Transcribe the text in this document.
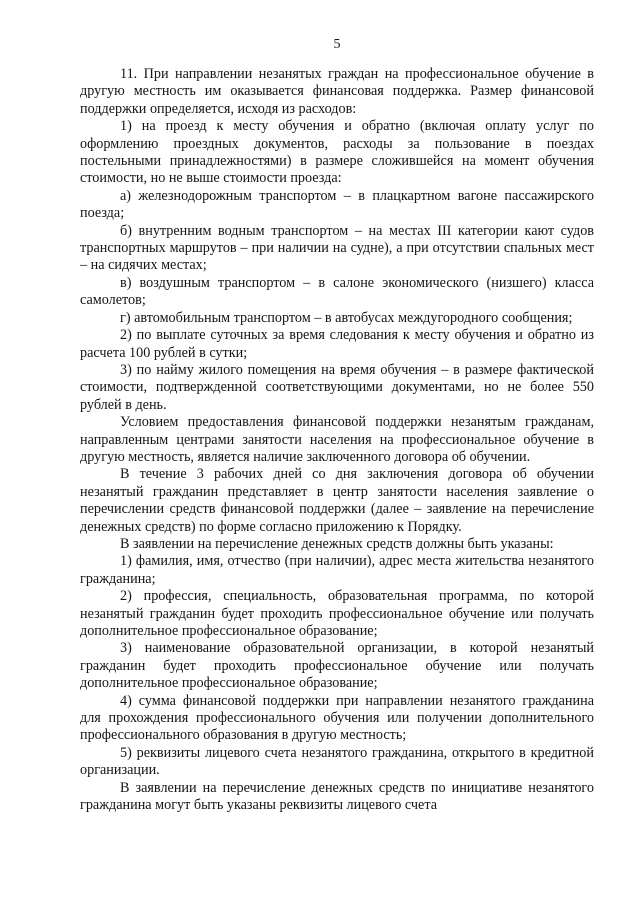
5

11. При направлении незанятых граждан на профессиональное обучение в другую местность им оказывается финансовая поддержка. Размер финансовой поддержки определяется, исходя из расходов:

1) на проезд к месту обучения и обратно (включая оплату услуг по оформлению проездных документов, расходы за пользование в поездах постельными принадлежностями) в размере сложившейся на момент обучения стоимости, но не выше стоимости проезда:

а) железнодорожным транспортом – в плацкартном вагоне пассажирского поезда;

б) внутренним водным транспортом – на местах III категории кают судов транспортных маршрутов – при наличии на судне), а при отсутствии спальных мест – на сидячих местах;

в) воздушным транспортом – в салоне экономического (низшего) класса самолетов;

г) автомобильным транспортом – в автобусах междугородного сообщения;

2) по выплате суточных за время следования к месту обучения и обратно из расчета 100 рублей в сутки;

3) по найму жилого помещения на время обучения – в размере фактической стоимости, подтвержденной соответствующими документами, но не более 550 рублей в день.

Условием предоставления финансовой поддержки незанятым гражданам, направленным центрами занятости населения на профессиональное обучение в другую местность, является наличие заключенного договора об обучении.

В течение 3 рабочих дней со дня заключения договора об обучении незанятый гражданин представляет в центр занятости населения заявление о перечислении средств финансовой поддержки (далее – заявление на перечисление денежных средств) по форме согласно приложению к Порядку.

В заявлении на перечисление денежных средств должны быть указаны:

1) фамилия, имя, отчество (при наличии), адрес места жительства незанятого гражданина;

2) профессия, специальность, образовательная программа, по которой незанятый гражданин будет проходить профессиональное обучение или получать дополнительное профессиональное образование;

3) наименование образовательной организации, в которой незанятый гражданин будет проходить профессиональное обучение или получать дополнительное профессиональное образование;

4) сумма финансовой поддержки при направлении незанятого гражданина для прохождения профессионального обучения или получении дополнительного профессионального образования в другую местность;

5) реквизиты лицевого счета незанятого гражданина, открытого в кредитной организации.

В заявлении на перечисление денежных средств по инициативе незанятого гражданина могут быть указаны реквизиты лицевого счета
